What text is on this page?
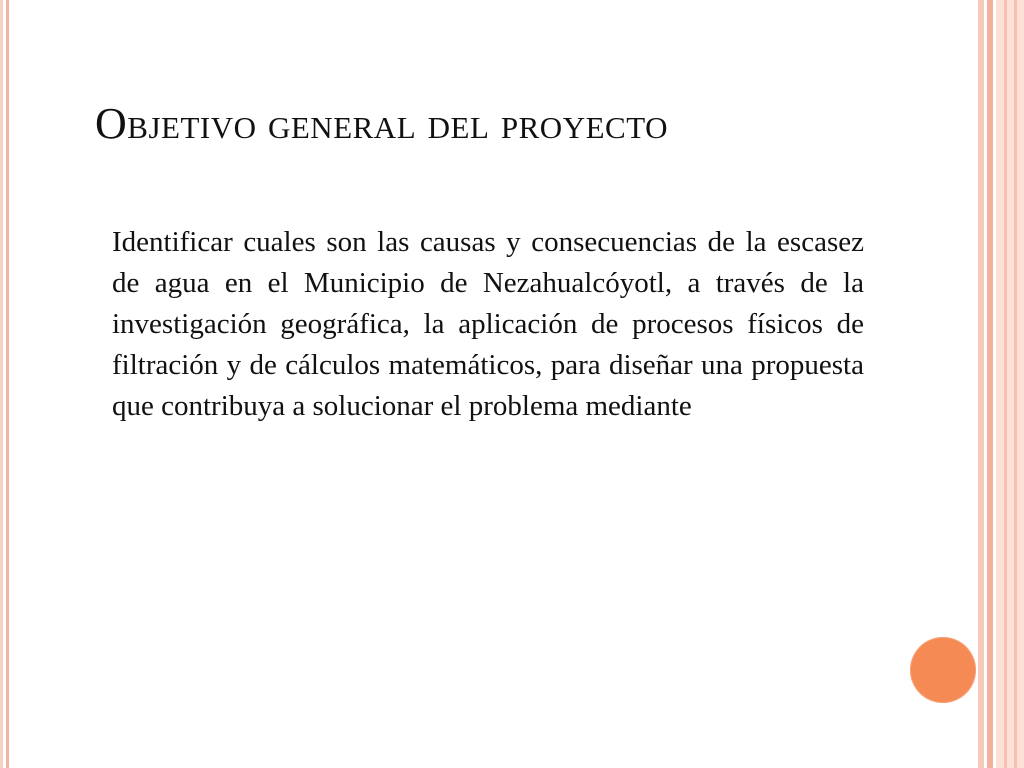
Objetivo general del proyecto

Identificar cuales son las causas y consecuencias de la escasez de agua en el Municipio de Nezahualcóyotl, a través de la investigación geográfica, la aplicación de procesos físicos de filtración y de cálculos matemáticos, para diseñar una propuesta que contribuya a solucionar el problema mediante
